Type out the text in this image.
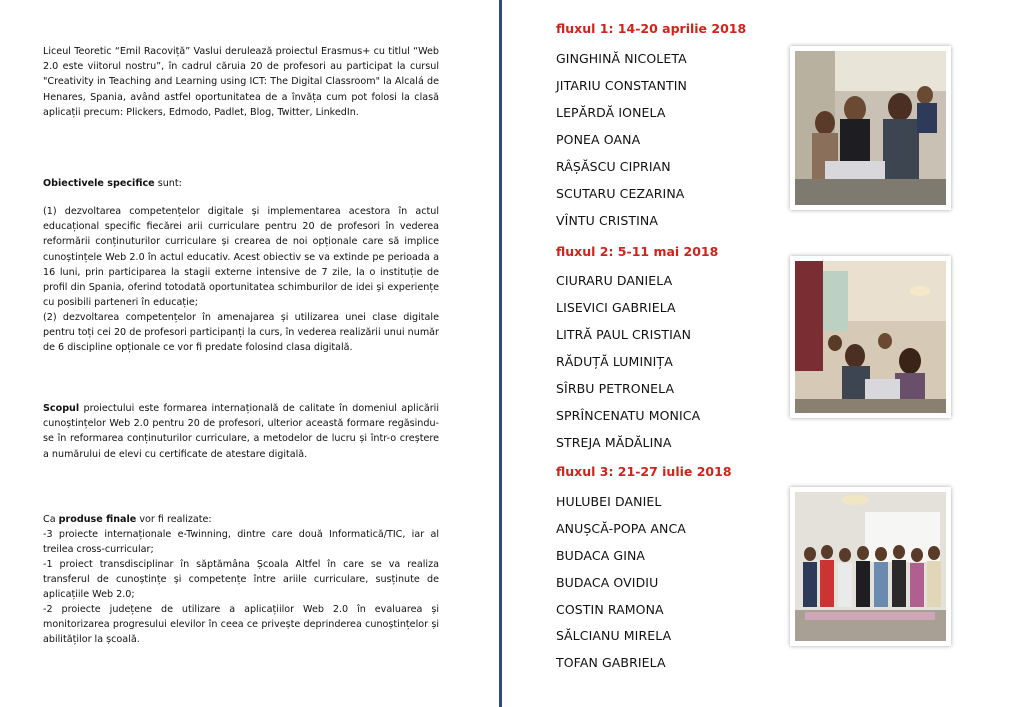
Liceul Teoretic “Emil Racoviță” Vaslui derulează proiectul Erasmus+ cu titlul “Web 2.0 este viitorul nostru”, în cadrul căruia 20 de profesori au participat la cursul "Creativity in Teaching and Learning using ICT: The Digital Classroom" la Alcalá de Henares, Spania, având astfel oportunitatea de a învăța cum pot folosi la clasă aplicații precum: Plickers, Edmodo, Padlet, Blog, Twitter, LinkedIn.

Obiectivele specifice sunt:

(1) dezvoltarea competențelor digitale și implementarea acestora în actul educațional specific fiecărei arii curriculare pentru 20 de profesori în vederea reformării conținuturilor curriculare și crearea de noi opționale care să implice cunoștințele Web 2.0 în actul educativ. Acest obiectiv se va extinde pe perioada a 16 luni, prin participarea la stagii externe intensive de 7 zile, la o instituție de profil din Spania, oferind totodată oportunitatea schimburilor de idei și experiențe cu posibili parteneri în educație;

(2) dezvoltarea competențelor în amenajarea și utilizarea unei clase digitale pentru toți cei 20 de profesori participanți la curs, în vederea realizării unui număr de 6 discipline opționale ce vor fi predate folosind clasa digitală.

Scopul proiectului este formarea internațională de calitate în domeniul aplicării cunoștințelor Web 2.0 pentru 20 de profesori, ulterior această formare regăsindu-se în reformarea conținuturilor curriculare, a metodelor de lucru și într-o creștere a numărului de elevi cu certificate de atestare digitală.

Ca produse finale vor fi realizate:

-3 proiecte internaționale e-Twinning, dintre care două Informatică/TIC, iar al treilea cross-curricular;

-1 proiect transdisciplinar în săptămâna Școala Altfel în care se va realiza transferul de cunoștințe și competențe între ariile curriculare, susținute de aplicațiile Web 2.0;

-2 proiecte județene de utilizare a aplicațiilor Web 2.0 în evaluarea și monitorizarea progresului elevilor în ceea ce privește deprinderea cunoștințelor și abilităților la școală.

fluxul 1: 14-20 aprilie 2018
GINGHINĂ NICOLETA
JITARIU CONSTANTIN
LEPĂRDĂ IONELA
PONEA OANA
RÂȘĂSCU CIPRIAN
SCUTARU CEZARINA
VÎNTU CRISTINA
fluxul 2: 5-11 mai 2018
CIURARU DANIELA
LISEVICI GABRIELA
LITRĂ PAUL CRISTIAN
RĂDUȚĂ LUMINIȚA
SÎRBU PETRONELA
SPRÎNCENATU MONICA
STREJA MĂDĂLINA
fluxul 3: 21-27 iulie 2018
HULUBEI DANIEL
ANUȘCĂ-POPA ANCA
BUDACA GINA
BUDACA OVIDIU
COSTIN RAMONA
SĂLCIANU MIRELA
TOFAN GABRIELA
